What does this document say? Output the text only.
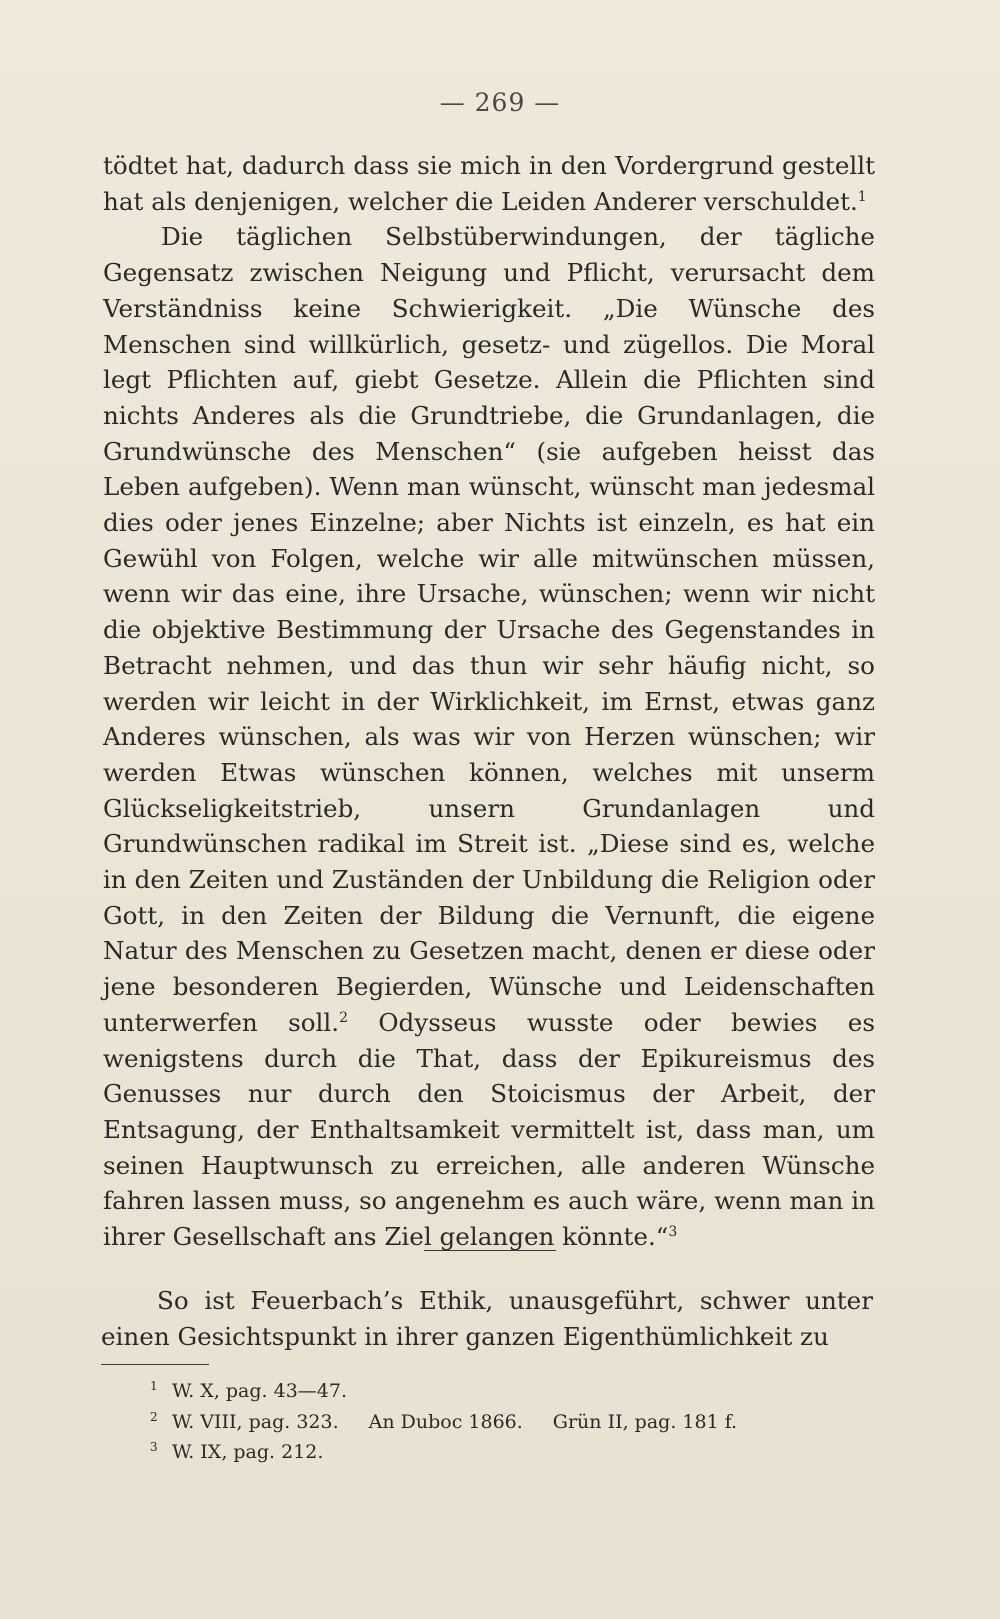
— 269 —

tödtet hat, dadurch dass sie mich in den Vordergrund gestellt hat als denjenigen, welcher die Leiden Anderer verschuldet.$^1$

Die täglichen Selbstüberwindungen, der tägliche Gegensatz zwischen Neigung und Pflicht, verursacht dem Verständniss keine Schwierigkeit. „Die Wünsche des Menschen sind willkürlich, gesetz- und zügellos. Die Moral legt Pflichten auf, giebt Gesetze. Allein die Pflichten sind nichts Anderes als die Grundtriebe, die Grundanlagen, die Grundwünsche des Menschen“ (sie aufgeben heisst das Leben aufgeben). Wenn man wünscht, wünscht man jedesmal dies oder jenes Einzelne; aber Nichts ist einzeln, es hat ein Gewühl von Folgen, welche wir alle mitwünschen müssen, wenn wir das eine, ihre Ursache, wünschen; wenn wir nicht die objektive Bestimmung der Ursache des Gegenstandes in Betracht nehmen, und das thun wir sehr häufig nicht, so werden wir leicht in der Wirklichkeit, im Ernst, etwas ganz Anderes wünschen, als was wir von Herzen wünschen; wir werden Etwas wünschen können, welches mit unserm Glückseligkeitstrieb, unsern Grundanlagen und Grundwünschen radikal im Streit ist. „Diese sind es, welche in den Zeiten und Zuständen der Unbildung die Religion oder Gott, in den Zeiten der Bildung die Vernunft, die eigene Natur des Menschen zu Gesetzen macht, denen er diese oder jene besonderen Begierden, Wünsche und Leidenschaften unterwerfen soll.$^2$ Odysseus wusste oder bewies es wenigstens durch die That, dass der Epikureismus des Genusses nur durch den Stoicismus der Arbeit, der Entsagung, der Enthaltsamkeit vermittelt ist, dass man, um seinen Hauptwunsch zu erreichen, alle anderen Wünsche fahren lassen muss, so angenehm es auch wäre, wenn man in ihrer Gesellschaft ans Ziel gelangen könnte.“$^3$

So ist Feuerbach’s Ethik, unausgeführt, schwer unter einen Gesichtspunkt in ihrer ganzen Eigenthümlichkeit zu

1 W. X, pag. 43—47.
2 W. VIII, pag. 323. An Duboc 1866. Grün II, pag. 181 f.
3 W. IX, pag. 212.
